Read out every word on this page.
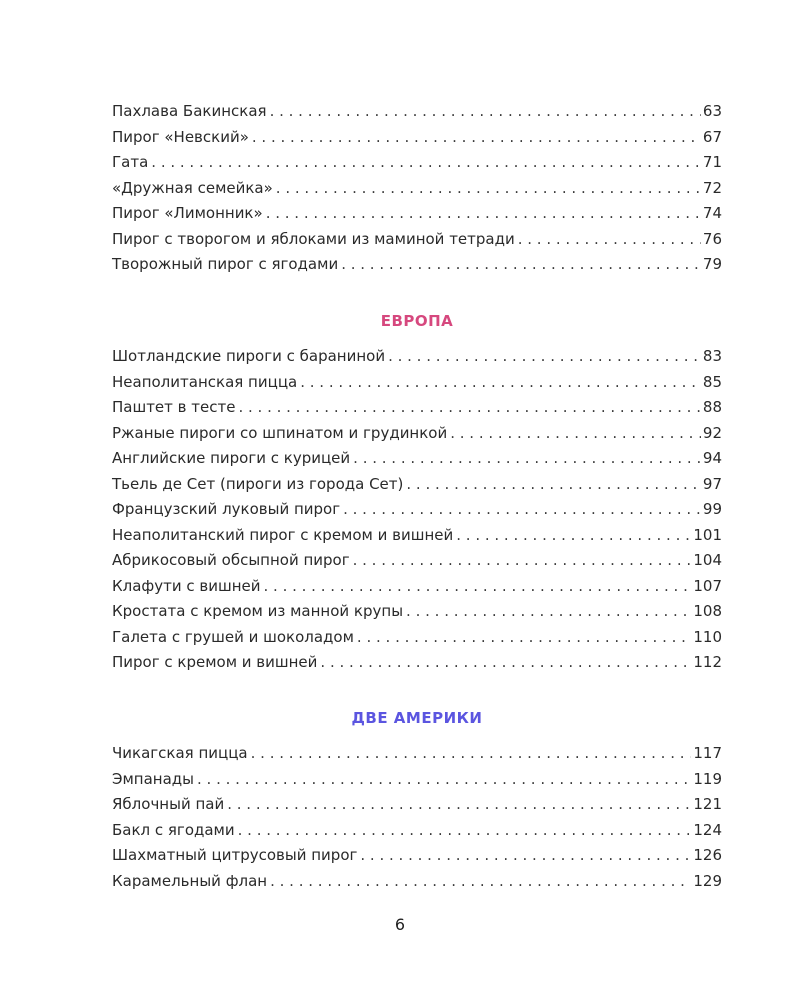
Пахлава Бакинская . . .	63
Пирог «Невский» . . .	67
Гата . . .	71
«Дружная семейка» . . .	72
Пирог «Лимонник» . . .	74
Пирог с творогом и яблоками из маминой тетради . . .	76
Творожный пирог с ягодами . . .	79
ЕВРОПА
Шотландские пироги с бараниной . . .	83
Неаполитанская пицца . . .	85
Паштет в тесте . . .	88
Ржаные пироги со шпинатом и грудинкой . . .	92
Английские пироги с курицей . . .	94
Тьель де Сет (пироги из города Сет) . . .	97
Французский луковый пирог . . .	99
Неаполитанский пирог с кремом и вишней . . .	101
Абрикосовый обсыпной пирог . . .	104
Клафути с вишней . . .	107
Кростата с кремом из манной крупы . . .	108
Галета с грушей и шоколадом . . .	110
Пирог с кремом и вишней . . .	112
ДВЕ АМЕРИКИ
Чикагская пицца . . .	117
Эмпанады . . .	119
Яблочный пай . . .	121
Бакл с ягодами . . .	124
Шахматный цитрусовый пирог . . .	126
Карамельный флан . . .	129
6
